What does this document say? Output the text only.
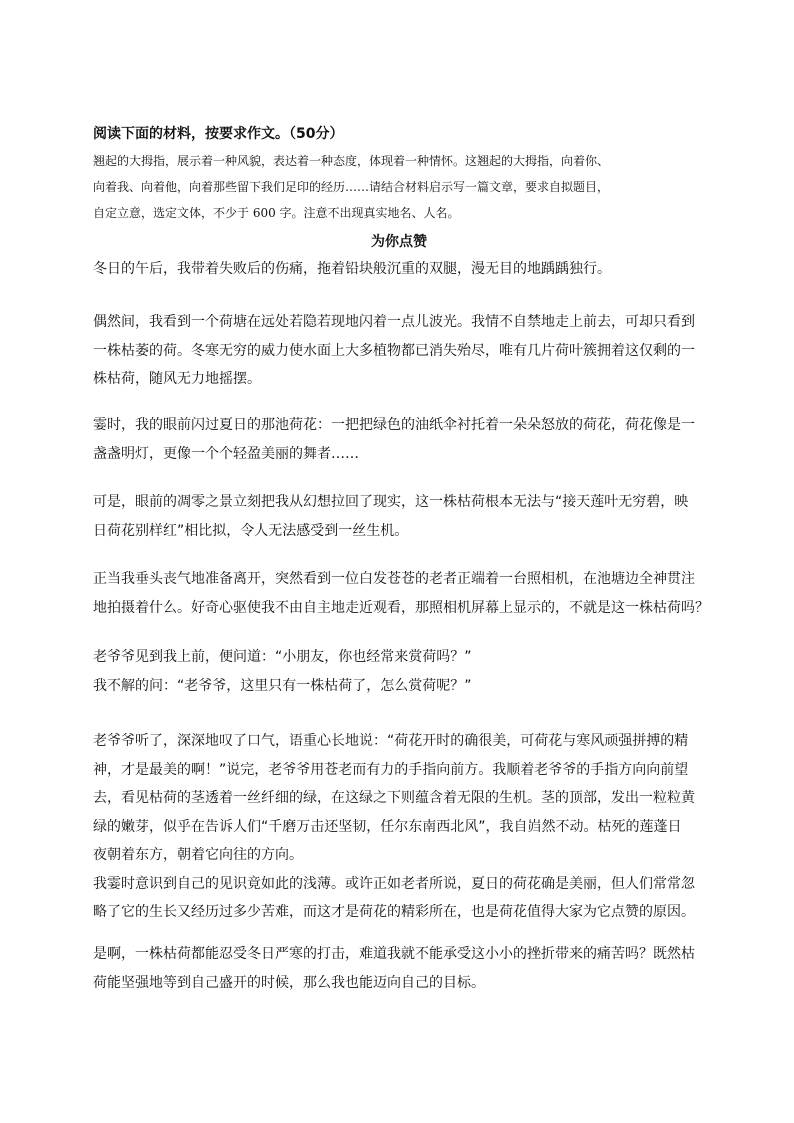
阅读下面的材料，按要求作文。（50分）
翘起的大拇指，展示着一种风貌，表达着一种态度，体现着一种情怀。这翘起的大拇指，向着你、
向着我、向着他，向着那些留下我们足印的经历……请结合材料启示写一篇文章，要求自拟题目，
自定立意，选定文体，不少于 600 字。注意不出现真实地名、人名。
为你点赞
冬日的午后，我带着失败后的伤痛，拖着铅块般沉重的双腿，漫无目的地踽踽独行。
偶然间，我看到一个荷塘在远处若隐若现地闪着一点儿波光。我情不自禁地走上前去，可却只看到
一株枯萎的荷。冬寒无穷的威力使水面上大多植物都已消失殆尽，唯有几片荷叶簇拥着这仅剩的一
株枯荷，随风无力地摇摆。
霎时，我的眼前闪过夏日的那池荷花：一把把绿色的油纸伞衬托着一朵朵怒放的荷花，荷花像是一
盏盏明灯，更像一个个轻盈美丽的舞者……
可是，眼前的凋零之景立刻把我从幻想拉回了现实，这一株枯荷根本无法与“接天莲叶无穷碧，映
日荷花别样红”相比拟，令人无法感受到一丝生机。
正当我垂头丧气地准备离开，突然看到一位白发苍苍的老者正端着一台照相机，在池塘边全神贯注
地拍摄着什么。好奇心驱使我不由自主地走近观看，那照相机屏幕上显示的，不就是这一株枯荷吗？
老爷爷见到我上前，便问道：“小朋友，你也经常来赏荷吗？”
我不解的问：“老爷爷，这里只有一株枯荷了，怎么赏荷呢？”
老爷爷听了，深深地叹了口气，语重心长地说：“荷花开时的确很美，可荷花与寒风顽强拼搏的精
神，才是最美的啊！”说完，老爷爷用苍老而有力的手指向前方。我顺着老爷爷的手指方向向前望
去，看见枯荷的茎透着一丝纤细的绿，在这绿之下则蕴含着无限的生机。茎的顶部，发出一粒粒黄
绿的嫩芽，似乎在告诉人们“千磨万击还坚韧，任尔东南西北风”，我自岿然不动。枯死的莲蓬日
夜朝着东方，朝着它向往的方向。
我霎时意识到自己的见识竟如此的浅薄。或许正如老者所说，夏日的荷花确是美丽，但人们常常忽
略了它的生长又经历过多少苦难，而这才是荷花的精彩所在，也是荷花值得大家为它点赞的原因。
是啊，一株枯荷都能忍受冬日严寒的打击，难道我就不能承受这小小的挫折带来的痛苦吗？既然枯
荷能坚强地等到自己盛开的时候，那么我也能迈向自己的目标。
